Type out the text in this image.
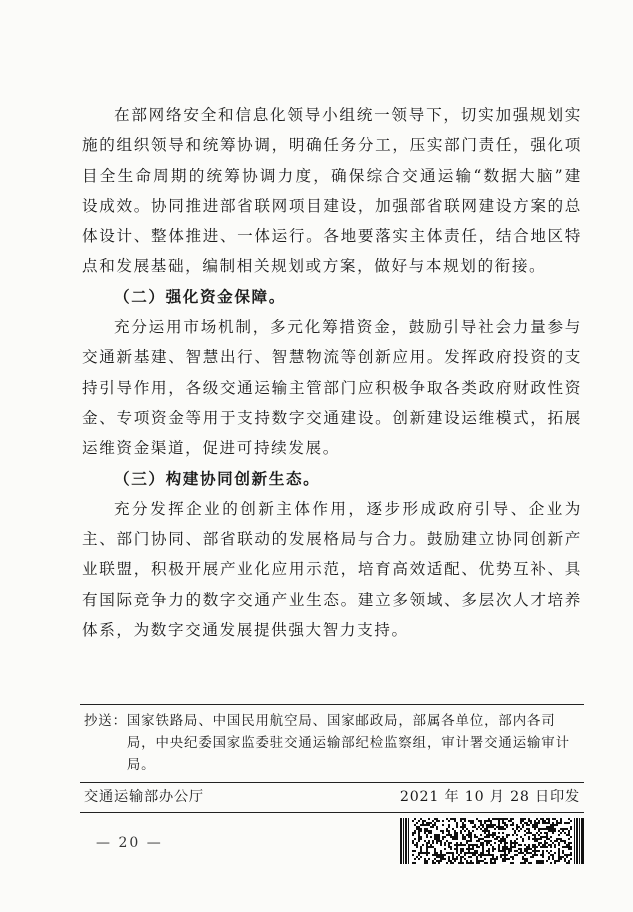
在部网络安全和信息化领导小组统一领导下，切实加强规划实施的组织领导和统筹协调，明确任务分工，压实部门责任，强化项目全生命周期的统筹协调力度，确保综合交通运输“数据大脑”建设成效。协同推进部省联网项目建设，加强部省联网建设方案的总体设计、整体推进、一体运行。各地要落实主体责任，结合地区特点和发展基础，编制相关规划或方案，做好与本规划的衔接。

（二）强化资金保障。

充分运用市场机制，多元化筹措资金，鼓励引导社会力量参与交通新基建、智慧出行、智慧物流等创新应用。发挥政府投资的支持引导作用，各级交通运输主管部门应积极争取各类政府财政性资金、专项资金等用于支持数字交通建设。创新建设运维模式，拓展运维资金渠道，促进可持续发展。

（三）构建协同创新生态。

充分发挥企业的创新主体作用，逐步形成政府引导、企业为主、部门协同、部省联动的发展格局与合力。鼓励建立协同创新产业联盟，积极开展产业化应用示范，培育高效适配、优势互补、具有国际竞争力的数字交通产业生态。建立多领域、多层次人才培养体系，为数字交通发展提供强大智力支持。

抄送： 国家铁路局、中国民用航空局、国家邮政局，部属各单位，部内各司局，中央纪委国家监委驻交通运输部纪检监察组，审计署交通运输审计局。
交通运输部办公厅	2021 年 10 月 28 日印发
— 20 —
